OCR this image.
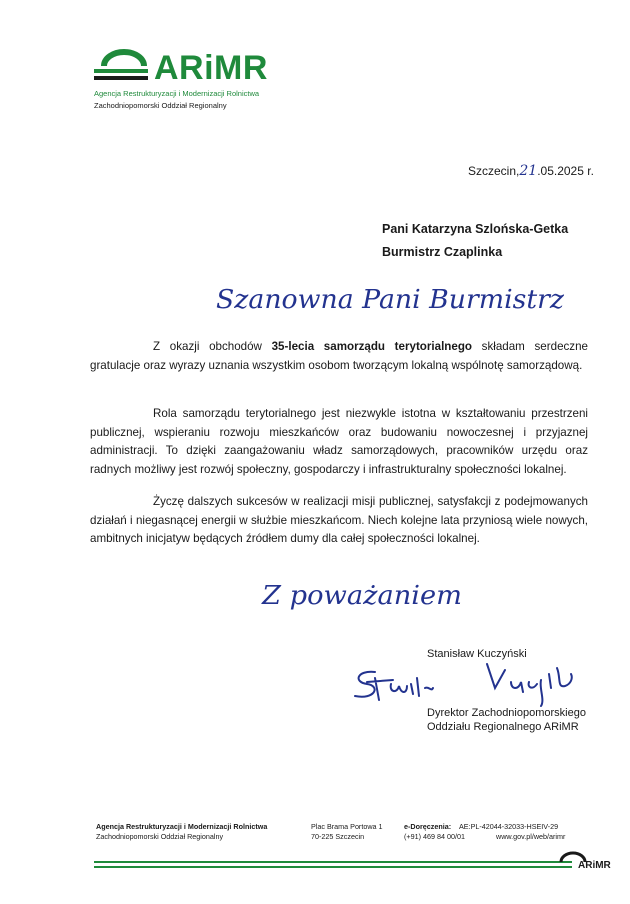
ARiMR
Agencja Restrukturyzacji i Modernizacji Rolnictwa
Zachodniopomorski Oddział Regionalny
Szczecin,21.05.2025 r.
Pani Katarzyna Szlońska-Getka
Burmistrz Czaplinka
Szanowna Pani Burmistrz

Z okazji obchodów 35-lecia samorządu terytorialnego składam serdeczne gratulacje oraz wyrazy uznania wszystkim osobom tworzącym lokalną wspólnotę samorządową.

Rola samorządu terytorialnego jest niezwykle istotna w kształtowaniu przestrzeni publicznej, wspieraniu rozwoju mieszkańców oraz budowaniu nowoczesnej i przyjaznej administracji. To dzięki zaangażowaniu władz samorządowych, pracowników urzędu oraz radnych możliwy jest rozwój społeczny, gospodarczy i infrastrukturalny społeczności lokalnej.

Życzę dalszych sukcesów w realizacji misji publicznej, satysfakcji z podejmowanych działań i niegasnącej energii w służbie mieszkańcom. Niech kolejne lata przyniosą wiele nowych, ambitnych inicjatyw będących źródłem dumy dla całej społeczności lokalnej.

Z poważaniem
Stanisław Kuczyński
Dyrektor Zachodniopomorskiego
Oddziału Regionalnego ARiMR
Agencja Restrukturyzacji i Modernizacji Rolnictwa
Zachodniopomorski Oddział Regionalny
Plac Brama Portowa 1
70-225 Szczecin
e-Doręczenia: AE:PL-42044-32033-HSEIV-29
(+91) 469 84 00/01	www.gov.pl/web/arimr
ARiMR
